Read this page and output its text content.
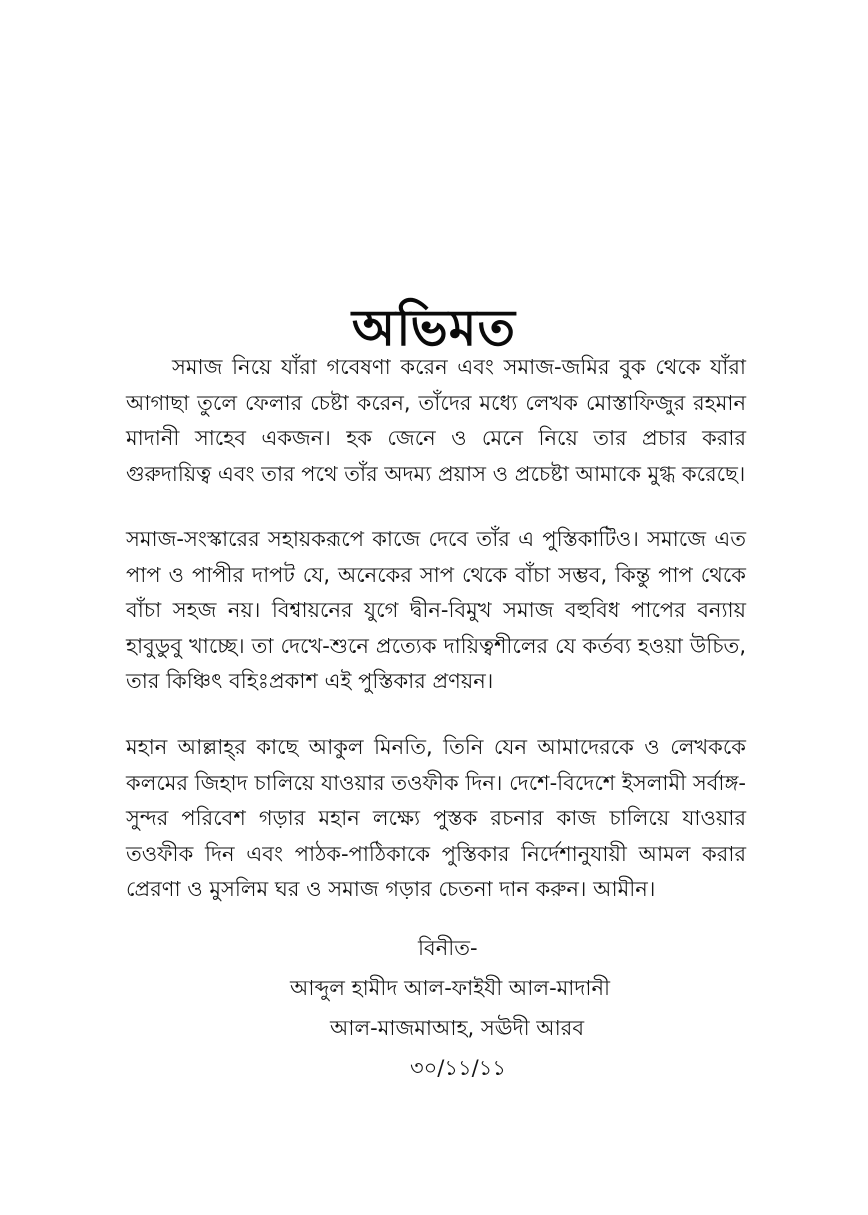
অভিমত

সমাজ নিয়ে যাঁরা গবেষণা করেন এবং সমাজ-জমির বুক থেকে যাঁরা আগাছা তুলে ফেলার চেষ্টা করেন, তাঁদের মধ্যে লেখক মোস্তাফিজুর রহমান মাদানী সাহেব একজন। হক জেনে ও মেনে নিয়ে তার প্রচার করার গুরুদায়িত্ব এবং তার পথে তাঁর অদম্য প্রয়াস ও প্রচেষ্টা আমাকে মুগ্ধ করেছে।

সমাজ-সংস্কারের সহায়করূপে কাজে দেবে তাঁর এ পুস্তিকাটিও। সমাজে এত পাপ ও পাপীর দাপট যে, অনেকের সাপ থেকে বাঁচা সম্ভব, কিন্তু পাপ থেকে বাঁচা সহজ নয়। বিশ্বায়নের যুগে দ্বীন-বিমুখ সমাজ বহুবিধ পাপের বন্যায় হাবুডুবু খাচ্ছে। তা দেখে-শুনে প্রত্যেক দায়িত্বশীলের যে কর্তব্য হওয়া উচিত, তার কিঞ্চিৎ বহিঃপ্রকাশ এই পুস্তিকার প্রণয়ন।

মহান আল্লাহ্‌র কাছে আকুল মিনতি, তিনি যেন আমাদেরকে ও লেখককে কলমের জিহাদ চালিয়ে যাওয়ার তওফীক দিন। দেশে-বিদেশে ইসলামী সর্বাঙ্গ-সুন্দর পরিবেশ গড়ার মহান লক্ষ্যে পুস্তক রচনার কাজ চালিয়ে যাওয়ার তওফীক দিন এবং পাঠক-পাঠিকাকে পুস্তিকার নির্দেশানুযায়ী আমল করার প্রেরণা ও মুসলিম ঘর ও সমাজ গড়ার চেতনা দান করুন। আমীন।

বিনীত-
আব্দুল হামীদ আল-ফাইযী আল-মাদানী
আল-মাজমাআহ, সঊদী আরব
৩০/১১/১১
